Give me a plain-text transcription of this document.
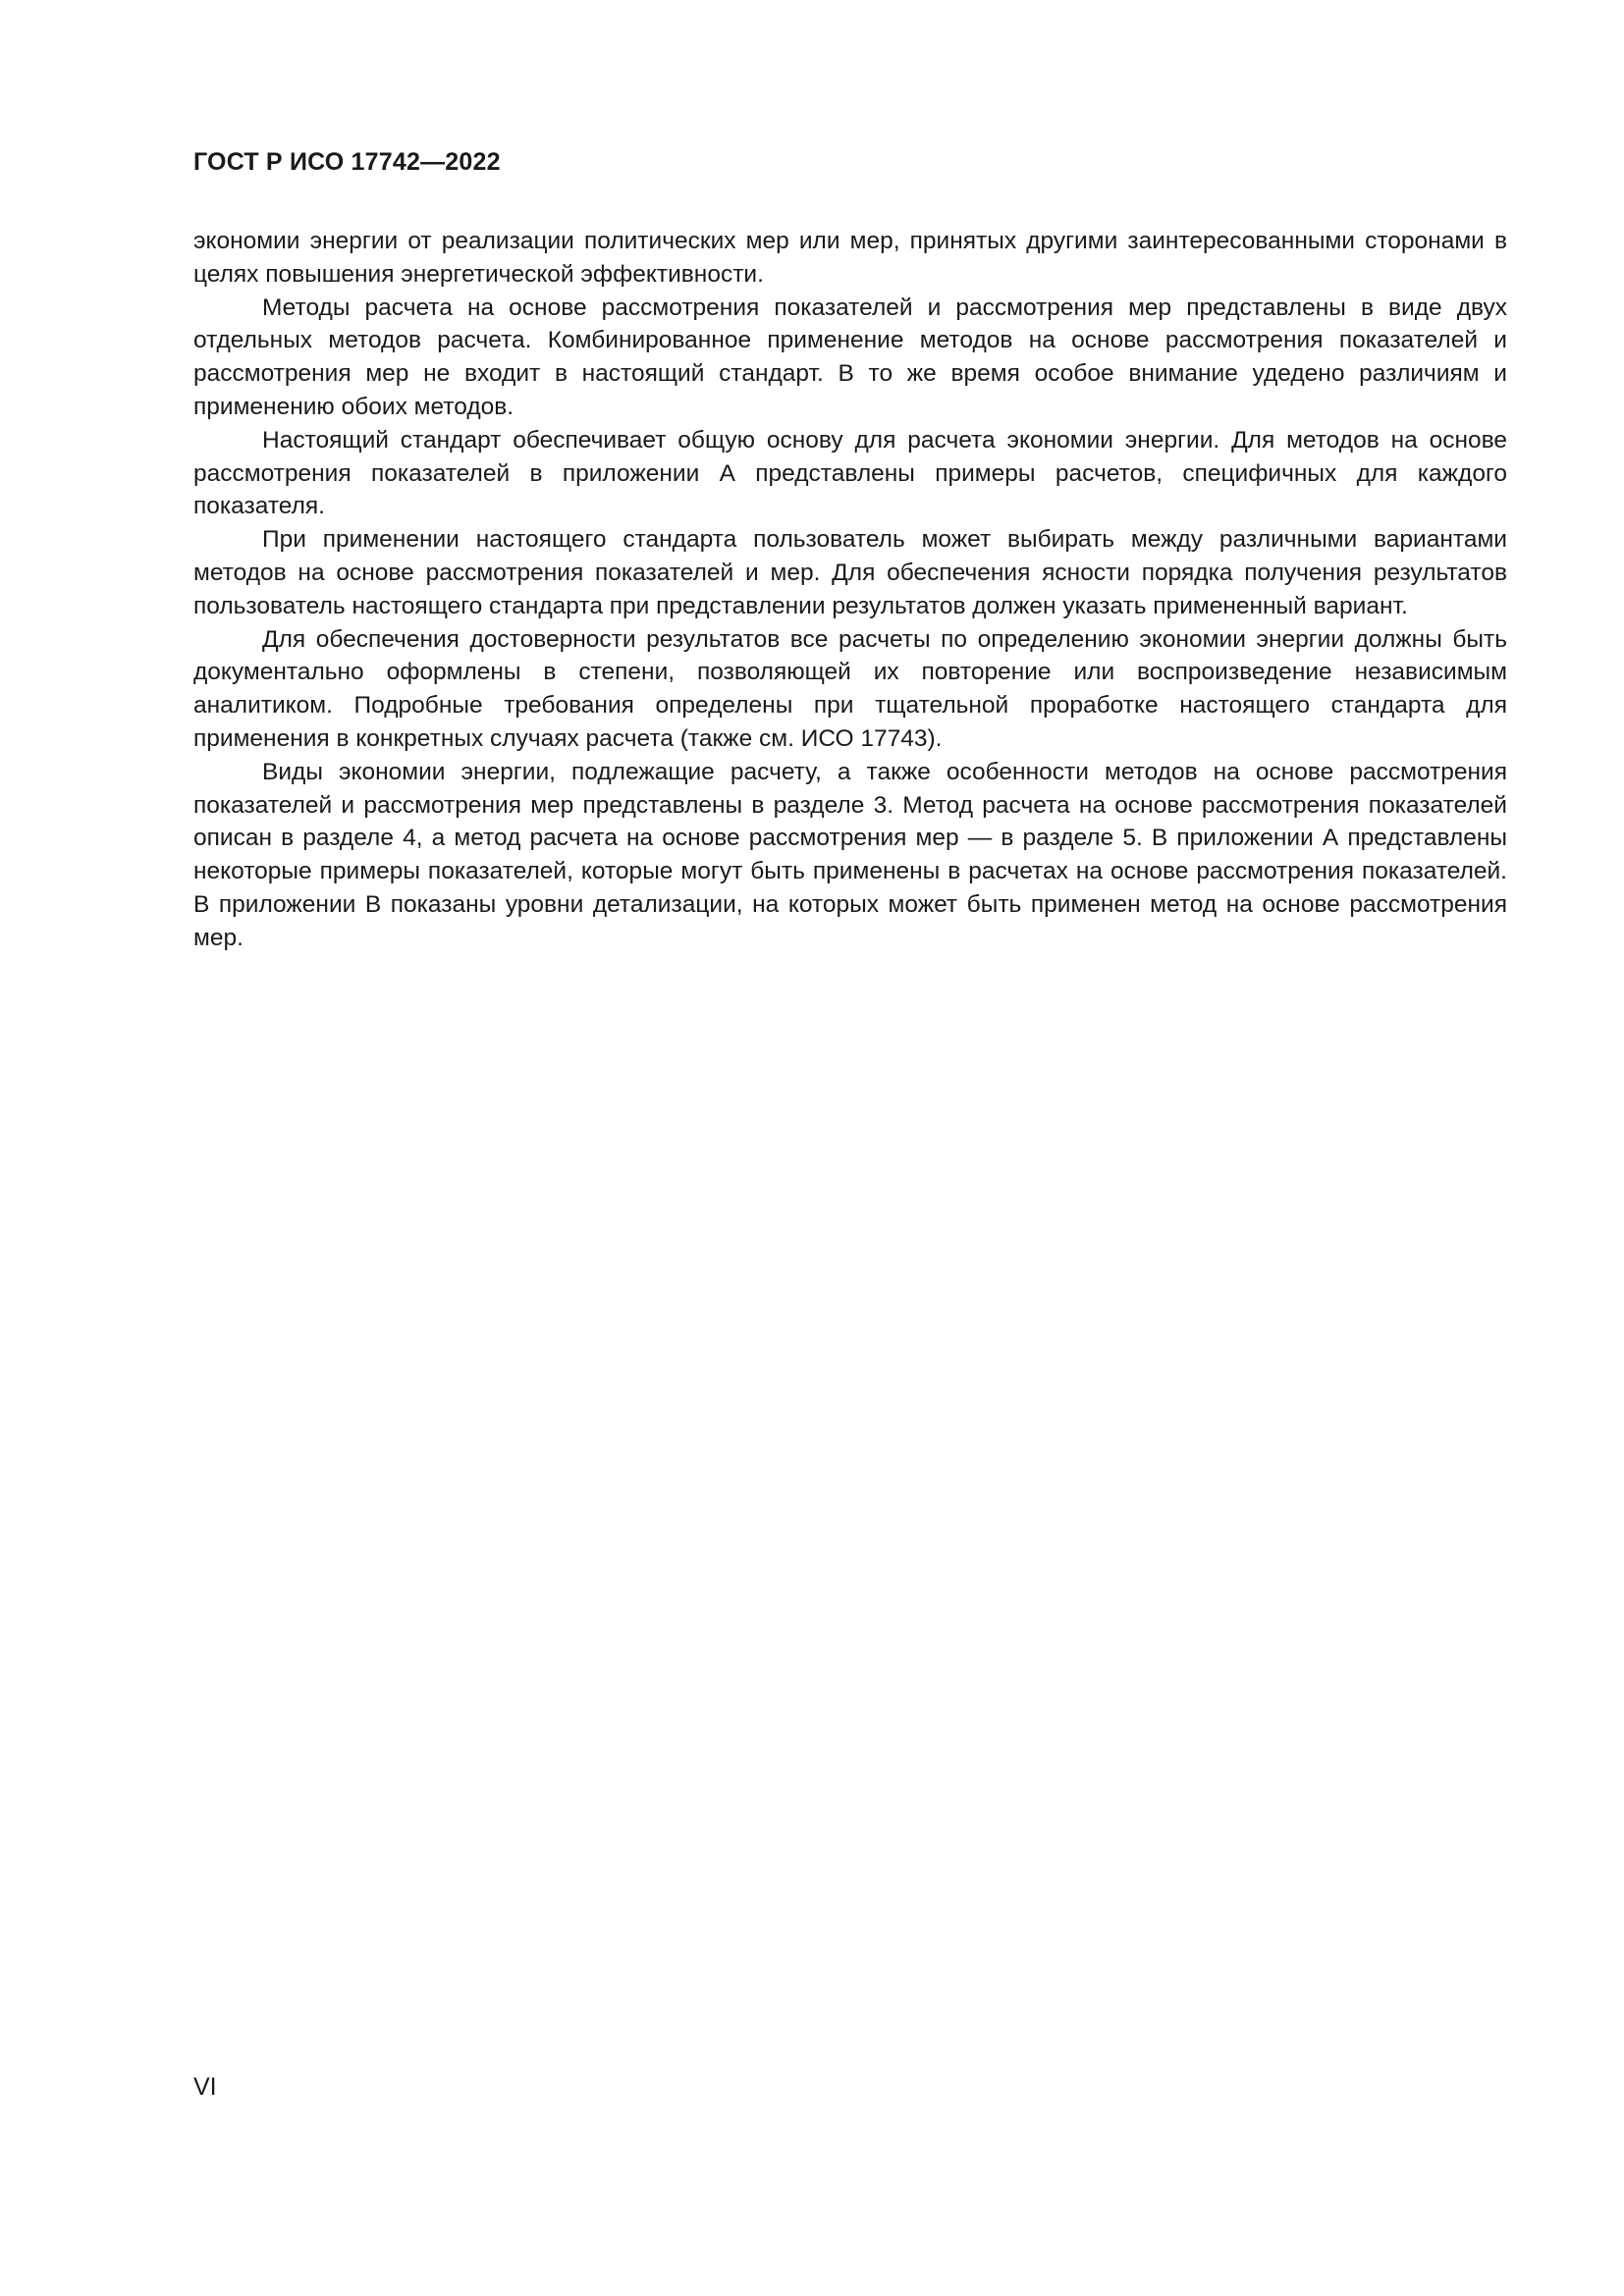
ГОСТ Р ИСО 17742—2022

экономии энергии от реализации политических мер или мер, принятых другими заинтересованными сторонами в целях повышения энергетической эффективности.

Методы расчета на основе рассмотрения показателей и рассмотрения мер представлены в виде двух отдельных методов расчета. Комбинированное применение методов на основе рассмотрения показателей и рассмотрения мер не входит в настоящий стандарт. В то же время особое внимание удедено различиям и применению обоих методов.

Настоящий стандарт обеспечивает общую основу для расчета экономии энергии. Для методов на основе рассмотрения показателей в приложении А представлены примеры расчетов, специфичных для каждого показателя.

При применении настоящего стандарта пользователь может выбирать между различными вариантами методов на основе рассмотрения показателей и мер. Для обеспечения ясности порядка получения результатов пользователь настоящего стандарта при представлении результатов должен указать примененный вариант.

Для обеспечения достоверности результатов все расчеты по определению экономии энергии должны быть документально оформлены в степени, позволяющей их повторение или воспроизведение независимым аналитиком. Подробные требования определены при тщательной проработке настоящего стандарта для применения в конкретных случаях расчета (также см. ИСО 17743).

Виды экономии энергии, подлежащие расчету, а также особенности методов на основе рассмотрения показателей и рассмотрения мер представлены в разделе 3. Метод расчета на основе рассмотрения показателей описан в разделе 4, а метод расчета на основе рассмотрения мер — в разделе 5. В приложении А представлены некоторые примеры показателей, которые могут быть применены в расчетах на основе рассмотрения показателей. В приложении В показаны уровни детализации, на которых может быть применен метод на основе рассмотрения мер.

VI
